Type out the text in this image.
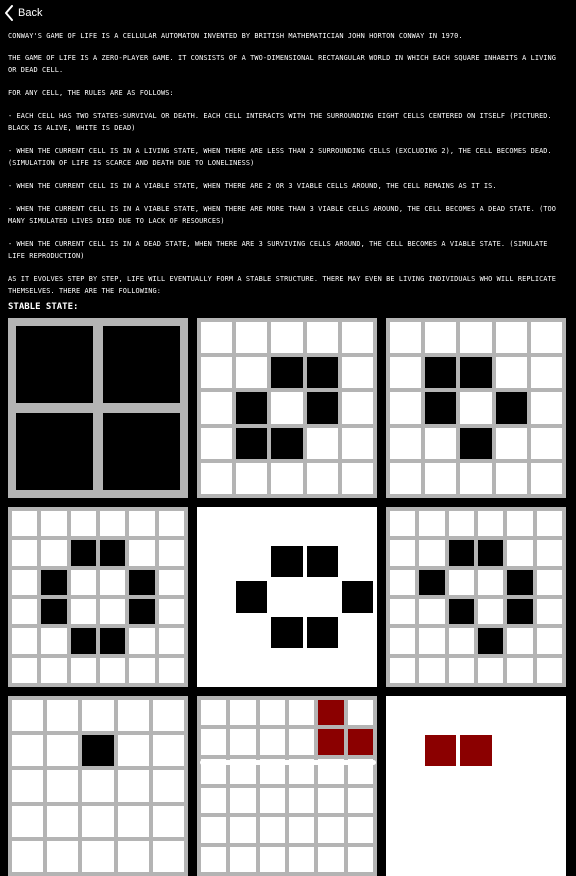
Back

CONWAY'S GAME OF LIFE IS A CELLULAR AUTOMATON INVENTED BY BRITISH MATHEMATICIAN JOHN HORTON CONWAY IN 1970.

THE GAME OF LIFE IS A ZERO-PLAYER GAME. IT CONSISTS OF A TWO-DIMENSIONAL RECTANGULAR WORLD IN WHICH EACH SQUARE INHABITS A LIVING OR DEAD CELL.

FOR ANY CELL, THE RULES ARE AS FOLLOWS:

- EACH CELL HAS TWO STATES-SURVIVAL OR DEATH. EACH CELL INTERACTS WITH THE SURROUNDING EIGHT CELLS CENTERED ON ITSELF (PICTURED. BLACK IS ALIVE, WHITE IS DEAD)

- WHEN THE CURRENT CELL IS IN A LIVING STATE, WHEN THERE ARE LESS THAN 2 SURROUNDING CELLS (EXCLUDING 2), THE CELL BECOMES DEAD. (SIMULATION OF LIFE IS SCARCE AND DEATH DUE TO LONELINESS)

- WHEN THE CURRENT CELL IS IN A VIABLE STATE, WHEN THERE ARE 2 OR 3 VIABLE CELLS AROUND, THE CELL REMAINS AS IT IS.

- WHEN THE CURRENT CELL IS IN A VIABLE STATE, WHEN THERE ARE MORE THAN 3 VIABLE CELLS AROUND, THE CELL BECOMES A DEAD STATE. (TOO MANY SIMULATED LIVES DIED DUE TO LACK OF RESOURCES)

- WHEN THE CURRENT CELL IS IN A DEAD STATE, WHEN THERE ARE 3 SURVIVING CELLS AROUND, THE CELL BECOMES A VIABLE STATE. (SIMULATE LIFE REPRODUCTION)

AS IT EVOLVES STEP BY STEP, LIFE WILL EVENTUALLY FORM A STABLE STRUCTURE. THERE MAY EVEN BE LIVING INDIVIDUALS WHO WILL REPLICATE THEMSELVES. THERE ARE THE FOLLOWING:

STABLE STATE:
